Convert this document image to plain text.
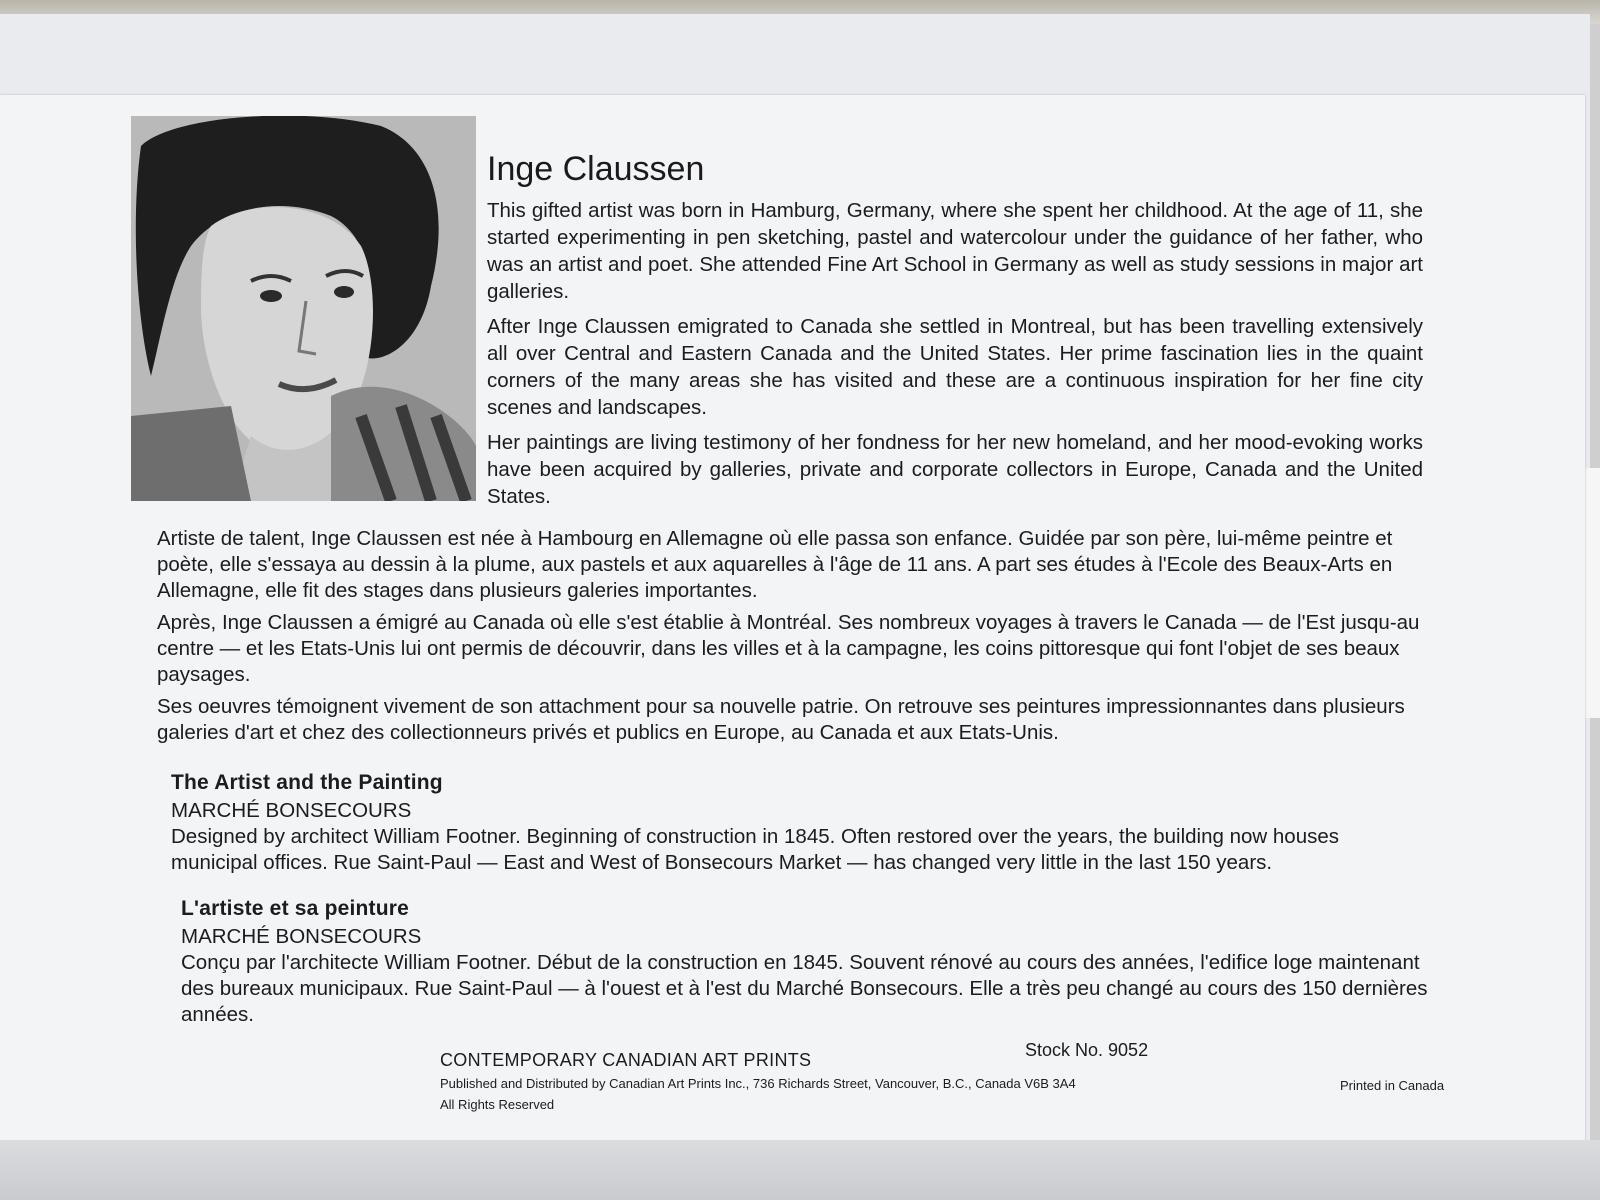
Inge Claussen

This gifted artist was born in Hamburg, Germany, where she spent her childhood. At the age of 11, she started experimenting in pen sketching, pastel and watercolour under the guidance of her father, who was an artist and poet. She attended Fine Art School in Germany as well as study sessions in major art galleries.

After Inge Claussen emigrated to Canada she settled in Montreal, but has been travelling extensively all over Central and Eastern Canada and the United States. Her prime fascination lies in the quaint corners of the many areas she has visited and these are a continuous inspiration for her fine city scenes and landscapes.

Her paintings are living testimony of her fondness for her new homeland, and her mood-evoking works have been acquired by galleries, private and corporate collectors in Europe, Canada and the United States.

Artiste de talent, Inge Claussen est née à Hambourg en Allemagne où elle passa son enfance. Guidée par son père, lui-même peintre et poète, elle s'essaya au dessin à la plume, aux pastels et aux aquarelles à l'âge de 11 ans. A part ses études à l'Ecole des Beaux-Arts en Allemagne, elle fit des stages dans plusieurs galeries importantes.

Après, Inge Claussen a émigré au Canada où elle s'est établie à Montréal. Ses nombreux voyages à travers le Canada — de l'Est jusqu-au centre — et les Etats-Unis lui ont permis de découvrir, dans les villes et à la campagne, les coins pittoresque qui font l'objet de ses beaux paysages.

Ses oeuvres témoignent vivement de son attachment pour sa nouvelle patrie. On retrouve ses peintures impressionnantes dans plusieurs galeries d'art et chez des collectionneurs privés et publics en Europe, au Canada et aux Etats-Unis.

The Artist and the Painting

MARCHÉ BONSECOURS

Designed by architect William Footner. Beginning of construction in 1845. Often restored over the years, the building now houses municipal offices. Rue Saint-Paul — East and West of Bonsecours Market — has changed very little in the last 150 years.

L'artiste et sa peinture

MARCHÉ BONSECOURS

Conçu par l'architecte William Footner. Début de la construction en 1845. Souvent rénové au cours des années, l'edifice loge maintenant des bureaux municipaux. Rue Saint-Paul — à l'ouest et à l'est du Marché Bonsecours. Elle a très peu changé au cours des 150 dernières années.

CONTEMPORARY CANADIAN ART PRINTS	Stock No. 9052
Published and Distributed by Canadian Art Prints Inc., 736 Richards Street, Vancouver, B.C., Canada V6B 3A4
All Rights Reserved
Printed in Canada
